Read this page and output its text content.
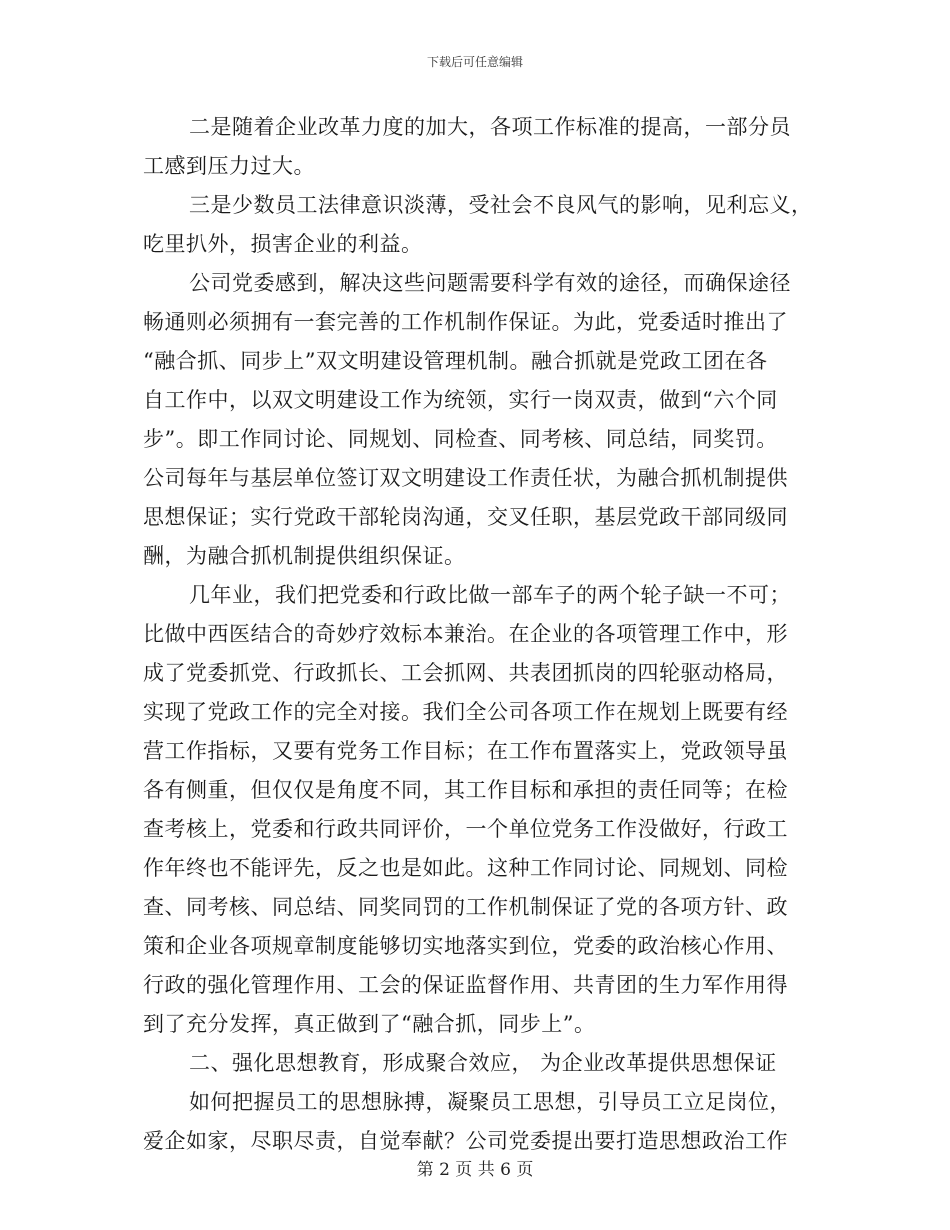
下载后可任意编辑
二是随着企业改革力度的加大，各项工作标准的提高，一部分员
工感到压力过大。
三是少数员工法律意识淡薄，受社会不良风气的影响，见利忘义，
吃里扒外，损害企业的利益。
公司党委感到，解决这些问题需要科学有效的途径，而确保途径
畅通则必须拥有一套完善的工作机制作保证。为此，党委适时推出了
“融合抓、同步上”双文明建设管理机制。融合抓就是党政工团在各
自工作中，以双文明建设工作为统领，实行一岗双责，做到“六个同
步”。即工作同讨论、同规划、同检查、同考核、同总结，同奖罚。
公司每年与基层单位签订双文明建设工作责任状，为融合抓机制提供
思想保证；实行党政干部轮岗沟通，交叉任职，基层党政干部同级同
酬，为融合抓机制提供组织保证。
几年业，我们把党委和行政比做一部车子的两个轮子缺一不可；
比做中西医结合的奇妙疗效标本兼治。在企业的各项管理工作中，形
成了党委抓党、行政抓长、工会抓网、共表团抓岗的四轮驱动格局，
实现了党政工作的完全对接。我们全公司各项工作在规划上既要有经
营工作指标，又要有党务工作目标；在工作布置落实上，党政领导虽
各有侧重，但仅仅是角度不同，其工作目标和承担的责任同等；在检
查考核上，党委和行政共同评价，一个单位党务工作没做好，行政工
作年终也不能评先，反之也是如此。这种工作同讨论、同规划、同检
查、同考核、同总结、同奖同罚的工作机制保证了党的各项方针、政
策和企业各项规章制度能够切实地落实到位，党委的政治核心作用、
行政的强化管理作用、工会的保证监督作用、共青团的生力军作用得
到了充分发挥，真正做到了“融合抓，同步上”。
二、强化思想教育，形成聚合效应， 为企业改革提供思想保证
如何把握员工的思想脉搏，凝聚员工思想，引导员工立足岗位，
爱企如家，尽职尽责，自觉奉献？公司党委提出要打造思想政治工作
第 2 页 共 6 页
